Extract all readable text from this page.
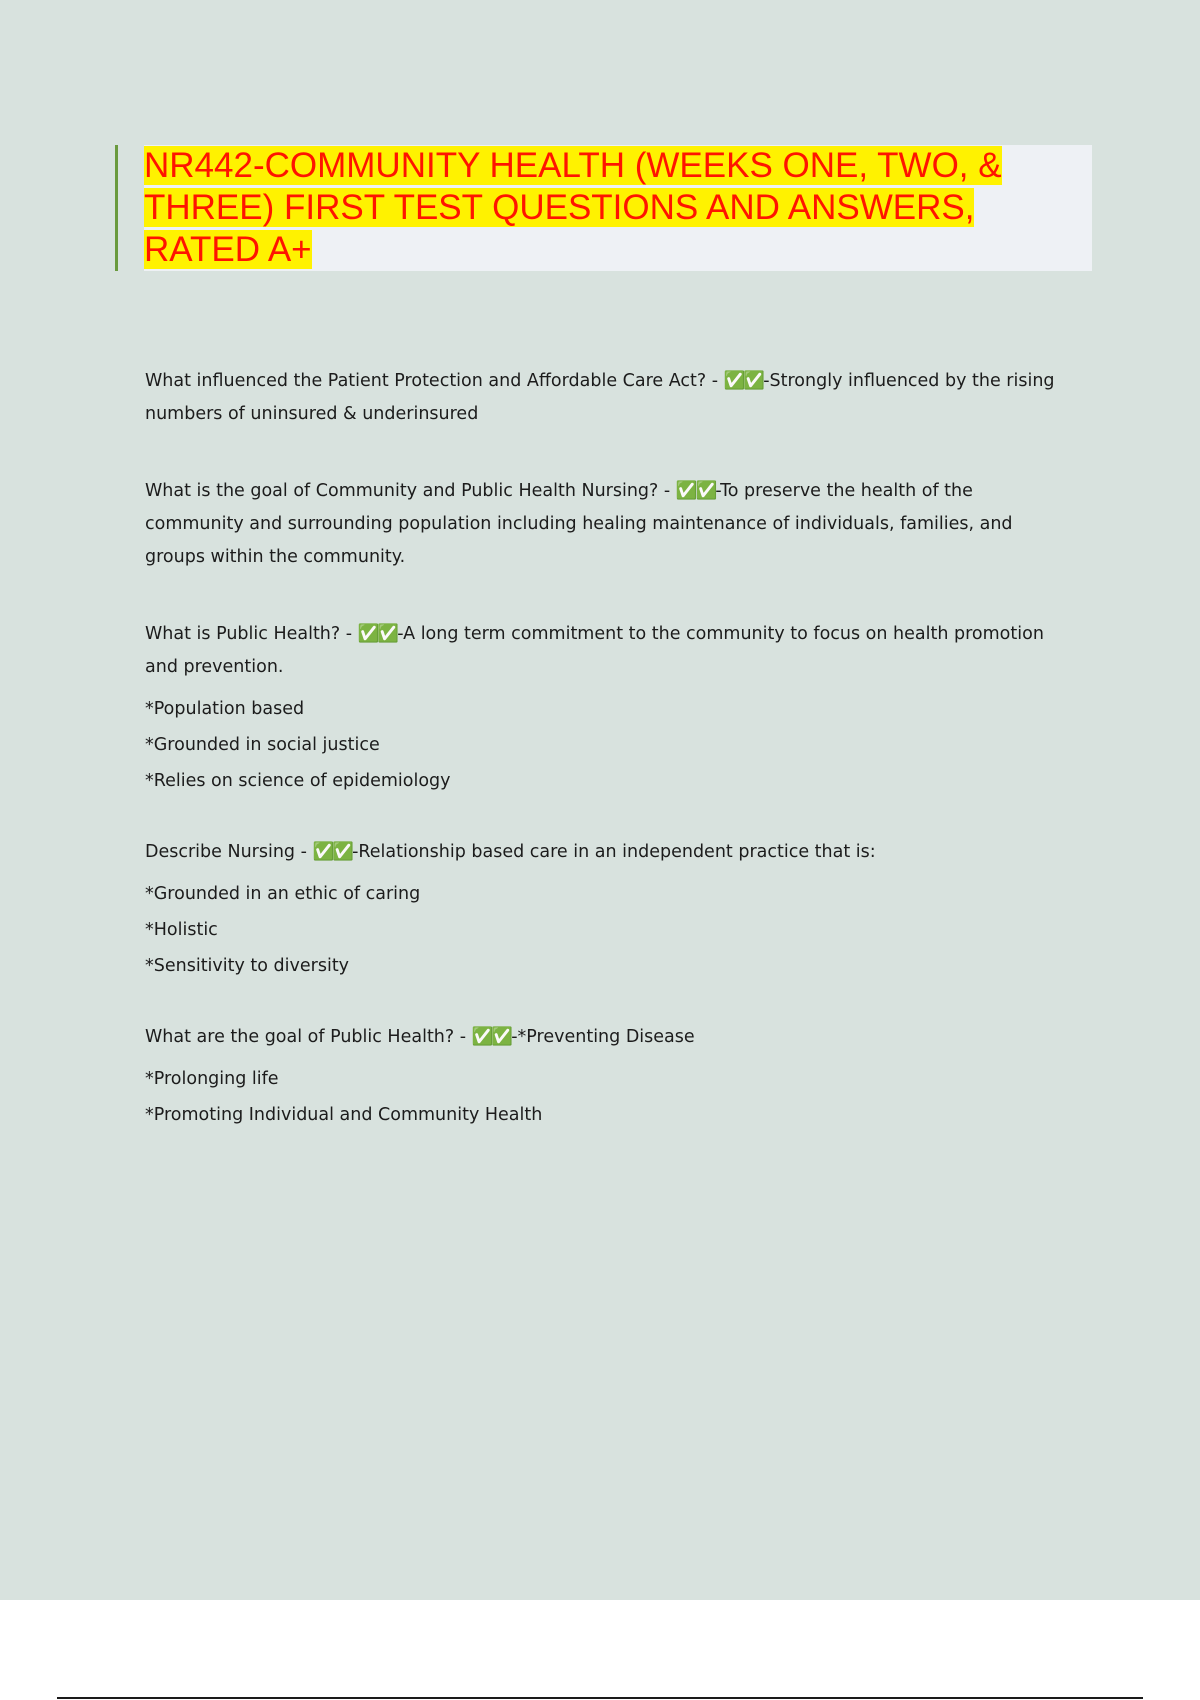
NR442-COMMUNITY HEALTH (WEEKS ONE, TWO, & THREE) FIRST TEST QUESTIONS AND ANSWERS, RATED A+

What influenced the Patient Protection and Affordable Care Act? - ✅✅-Strongly influenced by the rising numbers of uninsured & underinsured

What is the goal of Community and Public Health Nursing? - ✅✅-To preserve the health of the community and surrounding population including healing maintenance of individuals, families, and groups within the community.

What is Public Health? - ✅✅-A long term commitment to the community to focus on health promotion and prevention.

*Population based

*Grounded in social justice

*Relies on science of epidemiology

Describe Nursing - ✅✅-Relationship based care in an independent practice that is:

*Grounded in an ethic of caring

*Holistic

*Sensitivity to diversity

What are the goal of Public Health? - ✅✅-*Preventing Disease

*Prolonging life

*Promoting Individual and Community Health
